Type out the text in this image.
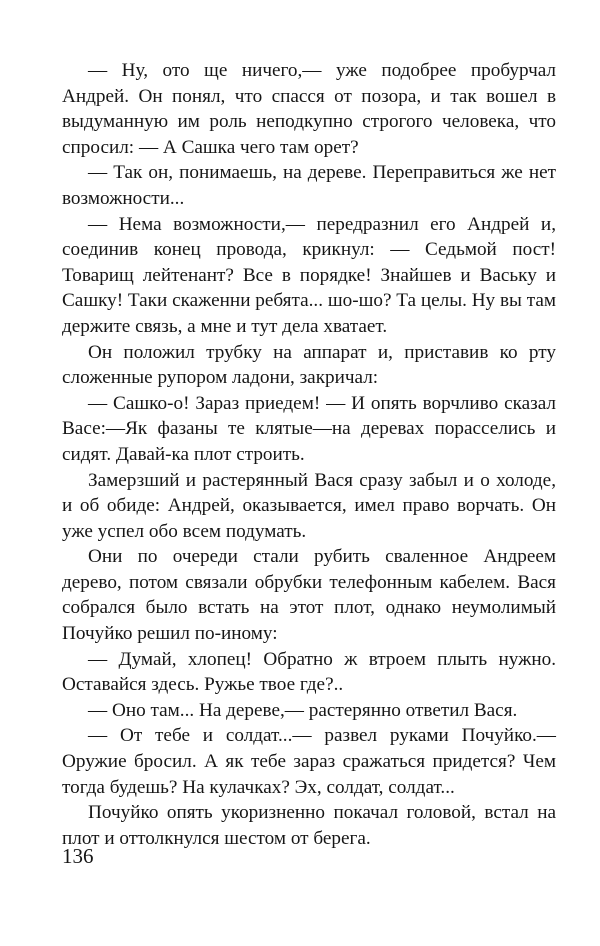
— Ну, ото ще ничего,— уже подобрее пробурчал Андрей. Он понял, что спасся от позора, и так вошел в выдуманную им роль неподкупно строгого человека, что спросил: — А Сашка чего там орет?

— Так он, понимаешь, на дереве. Переправиться же нет возможности...

— Нема возможности,— передразнил его Андрей и, соединив конец провода, крикнул: — Седьмой пост! Товарищ лейтенант? Все в порядке! Знайшев и Ваську и Сашку! Таки скаженни ребята... шо-шо? Та целы. Ну вы там держите связь, а мне и тут дела хватает.

Он положил трубку на аппарат и, приставив ко рту сложенные рупором ладони, закричал:

— Сашко-о! Зараз приедем! — И опять ворчливо сказал Васе:—Як фазаны те клятые—на деревах порасселись и сидят. Давай-ка плот строить.

Замерзший и растерянный Вася сразу забыл и о холоде, и об обиде: Андрей, оказывается, имел право ворчать. Он уже успел обо всем подумать.

Они по очереди стали рубить сваленное Андреем дерево, потом связали обрубки телефонным кабелем. Вася собрался было встать на этот плот, однако неумолимый Почуйко решил по-иному:

— Думай, хлопец! Обратно ж втроем плыть нужно. Оставайся здесь. Ружье твое где?..

— Оно там... На дереве,— растерянно ответил Вася.

— От тебе и солдат...— развел руками Почуйко.— Оружие бросил. А як тебе зараз сражаться придется? Чем тогда будешь? На кулачках? Эх, солдат, солдат...

Почуйко опять укоризненно покачал головой, встал на плот и оттолкнулся шестом от берега.

136
